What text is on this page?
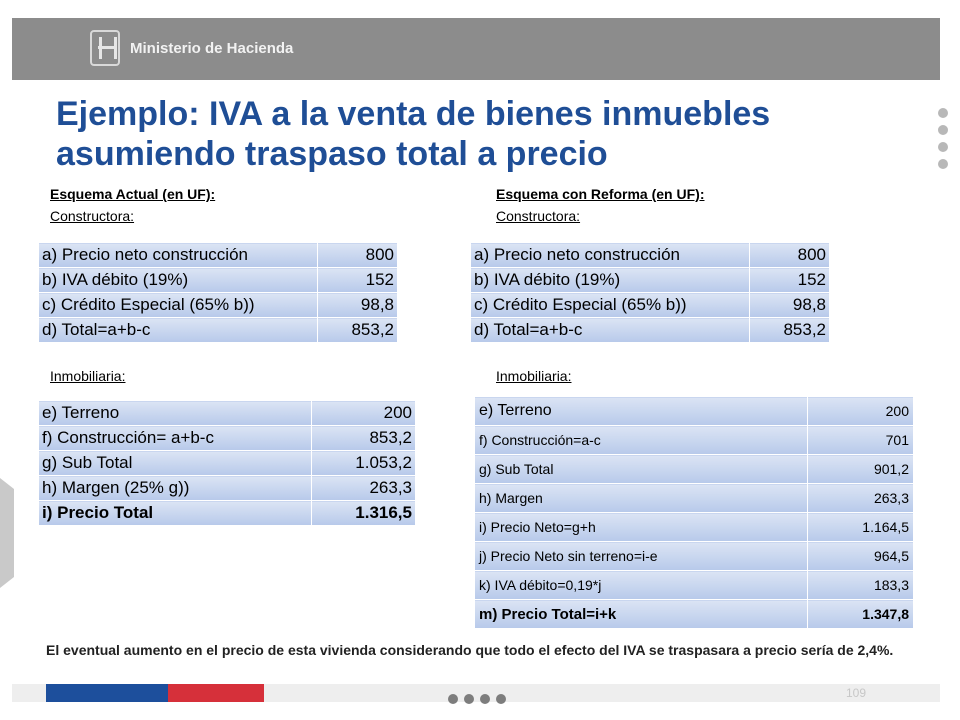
Ministerio de Hacienda
Ejemplo: IVA a la venta de bienes inmuebles
asumiendo traspaso total a precio
Esquema Actual (en UF):
Constructora:
a) Precio neto construcción	800
b) IVA débito (19%)	152
c) Crédito Especial (65% b))	98,8
d) Total=a+b-c	853,2
Inmobiliaria:
e) Terreno	200
f) Construcción= a+b-c	853,2
g) Sub Total	1.053,2
h) Margen (25% g))	263,3
i) Precio Total	1.316,5
Esquema con Reforma (en UF):
Constructora:
a) Precio neto construcción	800
b) IVA débito (19%)	152
c) Crédito Especial (65% b))	98,8
d) Total=a+b-c	853,2
Inmobiliaria:
e) Terreno	200
f) Construcción=a-c	701
g) Sub Total	901,2
h) Margen	263,3
i) Precio Neto=g+h	1.164,5
j) Precio Neto sin terreno=i-e	964,5
k) IVA débito=0,19*j	183,3
m) Precio Total=i+k	1.347,8
El eventual aumento en el precio de esta vivienda considerando que todo el efecto del IVA se traspasara a precio sería de 2,4%.
109
